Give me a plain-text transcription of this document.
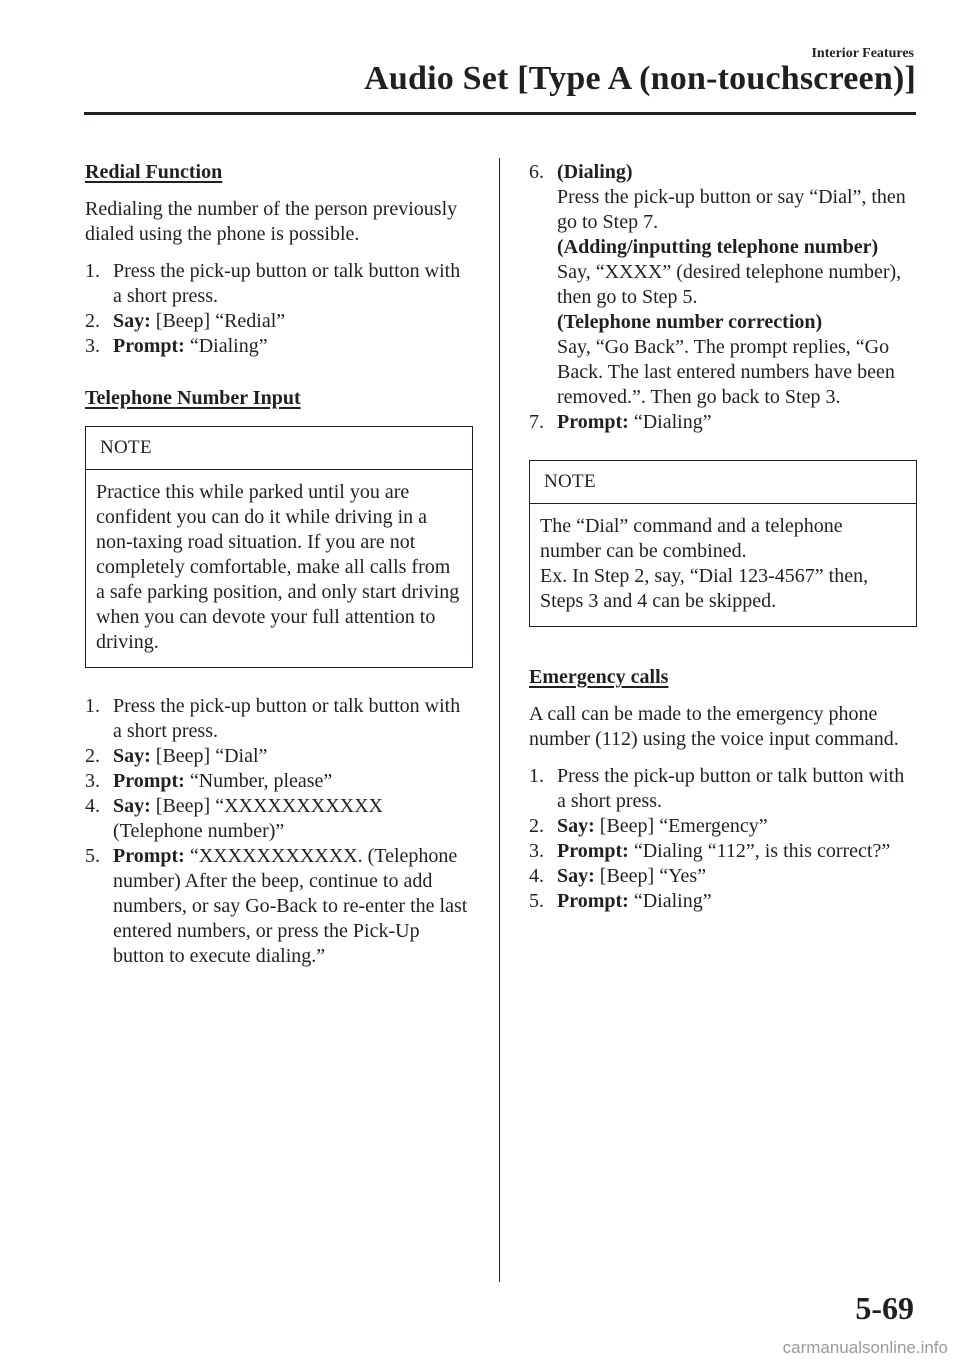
Interior Features
Audio Set [Type A (non-touchscreen)]
Redial Function

Redialing the number of the person previously dialed using the phone is possible.

1. Press the pick-up button or talk button with a short press.
2. Say: [Beep] “Redial”
3. Prompt: “Dialing”
Telephone Number Input
NOTE
Practice this while parked until you are confident you can do it while driving in a non-taxing road situation. If you are not completely comfortable, make all calls from a safe parking position, and only start driving when you can devote your full attention to driving.
1. Press the pick-up button or talk button with a short press.
2. Say: [Beep] “Dial”
3. Prompt: “Number, please”
4. Say: [Beep] “XXXXXXXXXXX (Telephone number)”
5. Prompt: “XXXXXXXXXXX. (Telephone number) After the beep, continue to add numbers, or say Go-Back to re-enter the last entered numbers, or press the Pick-Up button to execute dialing.”
6. (Dialing)
Press the pick-up button or say “Dial”, then go to Step 7.
(Adding/inputting telephone number)
Say, “XXXX” (desired telephone number), then go to Step 5.
(Telephone number correction)
Say, “Go Back”. The prompt replies, “Go Back. The last entered numbers have been removed.”. Then go back to Step 3.
7. Prompt: “Dialing”
NOTE
The “Dial” command and a telephone number can be combined.
Ex. In Step 2, say, “Dial 123-4567” then, Steps 3 and 4 can be skipped.
Emergency calls

A call can be made to the emergency phone number (112) using the voice input command.

1. Press the pick-up button or talk button with a short press.
2. Say: [Beep] “Emergency”
3. Prompt: “Dialing “112”, is this correct?”
4. Say: [Beep] “Yes”
5. Prompt: “Dialing”
5-69
carmanualsonline.info
